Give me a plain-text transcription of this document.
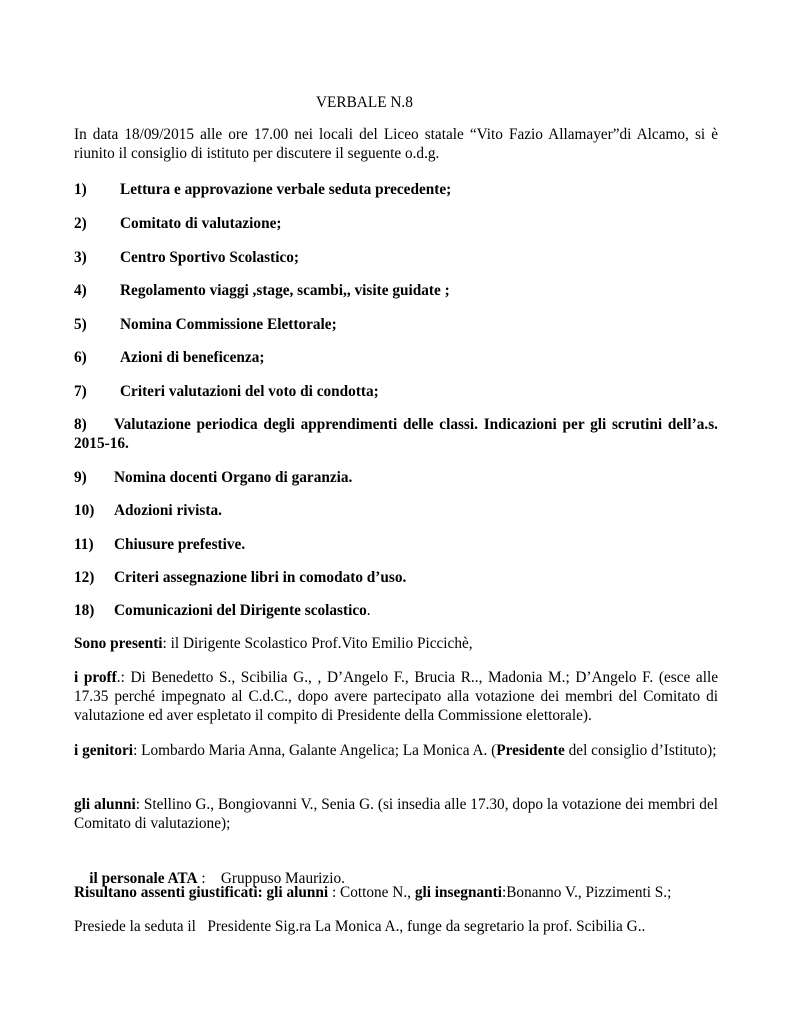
VERBALE N.8
In data 18/09/2015 alle ore 17.00 nei locali del Liceo statale “Vito Fazio Allamayer”di Alcamo, si è riunito il consiglio di istituto per discutere il seguente o.d.g.
1) Lettura e approvazione verbale seduta precedente;
2) Comitato di valutazione;
3) Centro Sportivo Scolastico;
4) Regolamento viaggi ,stage, scambi,, visite guidate ;
5) Nomina Commissione Elettorale;
6) Azioni di beneficenza;
7) Criteri valutazioni del voto di condotta;
8) Valutazione periodica degli apprendimenti delle classi. Indicazioni per gli scrutini dell’a.s. 2015-16.
9) Nomina docenti Organo di garanzia.
10) Adozioni rivista.
11) Chiusure prefestive.
12) Criteri assegnazione libri in comodato d’uso.
18) Comunicazioni del Dirigente scolastico.
Sono presenti: il Dirigente Scolastico Prof.Vito Emilio Piccichè,
i proff.: Di Benedetto S., Scibilia G., , D’Angelo F., Brucia R.., Madonia M.; D’Angelo F. (esce alle 17.35 perché impegnato al C.d.C., dopo avere partecipato alla votazione dei membri del Comitato di valutazione ed aver espletato il compito di Presidente della Commissione elettorale).
i genitori: Lombardo Maria Anna, Galante Angelica; La Monica A. (Presidente del consiglio d’Istituto);
gli alunni: Stellino G., Bongiovanni V., Senia G. (si insedia alle 17.30, dopo la votazione dei membri del Comitato di valutazione);

il personale ATA :    Gruppuso Maurizio.

Risultano assenti giustificati: gli alunni : Cottone N., gli insegnanti:Bonanno V., Pizzimenti S.;
Presiede la seduta il   Presidente Sig.ra La Monica A., funge da segretario la prof. Scibilia G..
